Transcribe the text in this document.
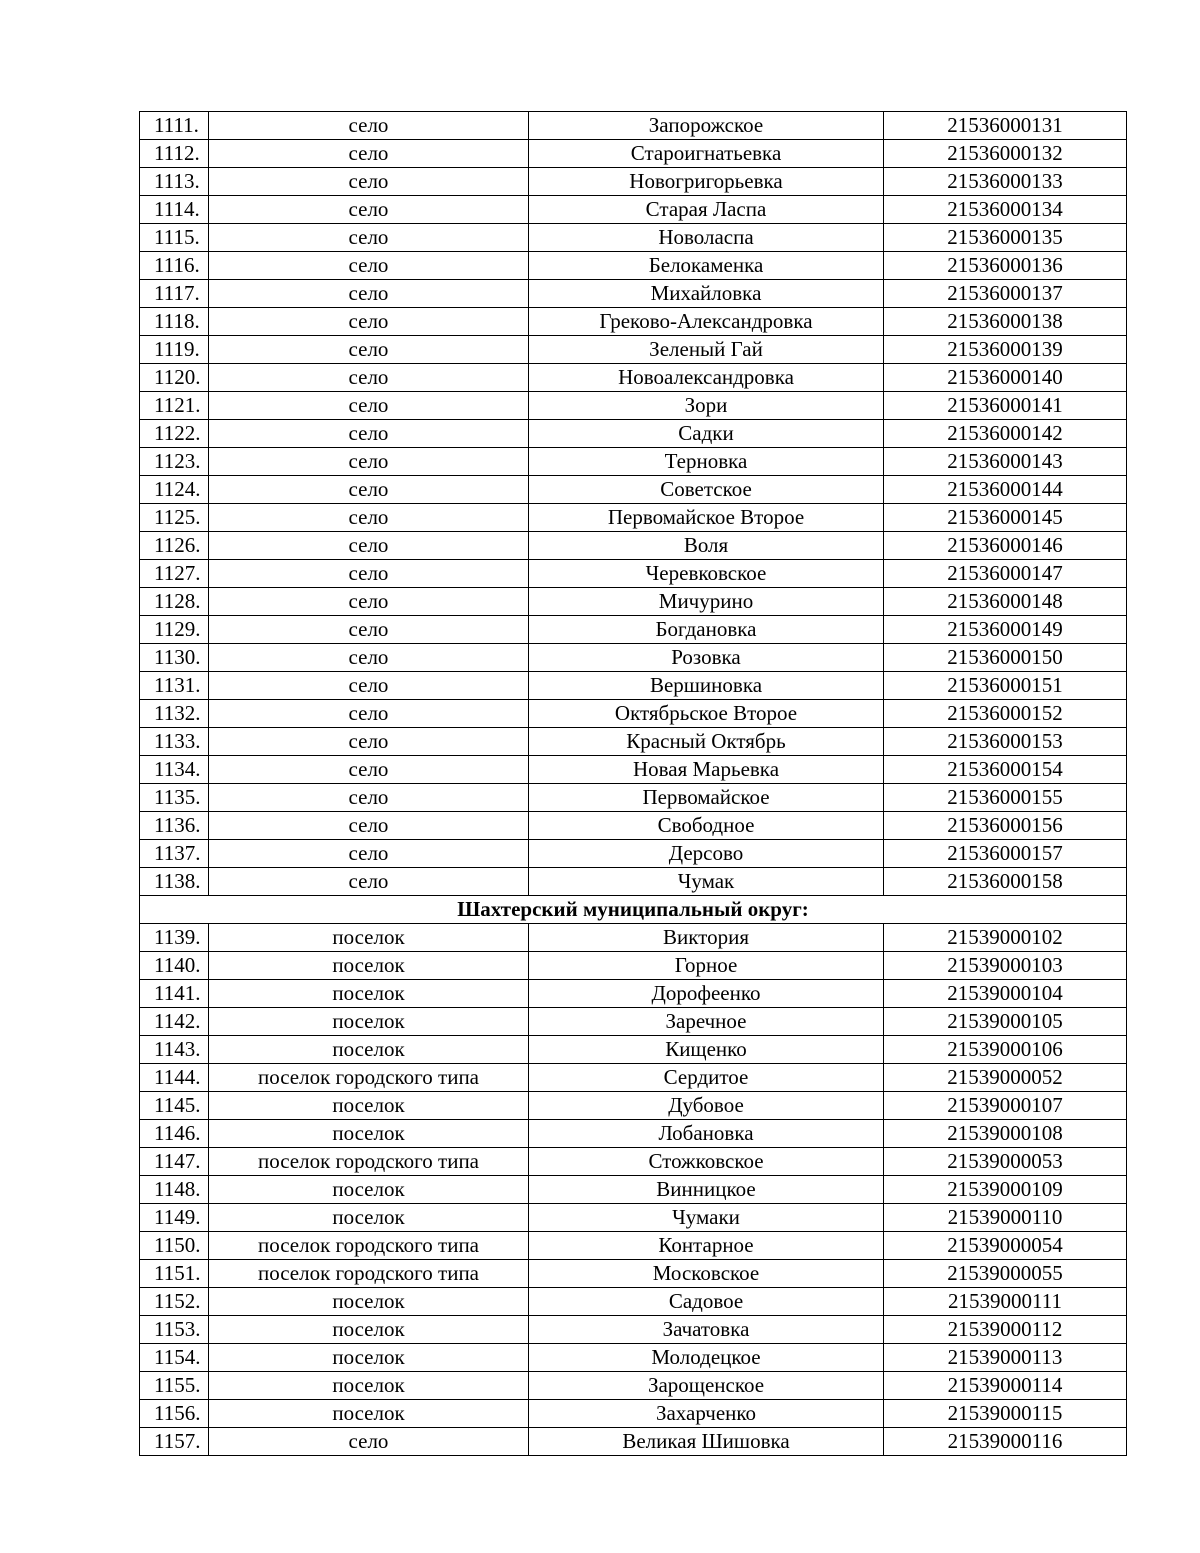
1111.	село	Запорожское	21536000131
1112.	село	Староигнатьевка	21536000132
1113.	село	Новогригорьевка	21536000133
1114.	село	Старая Ласпа	21536000134
1115.	село	Новоласпа	21536000135
1116.	село	Белокаменка	21536000136
1117.	село	Михайловка	21536000137
1118.	село	Греково-Александровка	21536000138
1119.	село	Зеленый Гай	21536000139
1120.	село	Новоалександровка	21536000140
1121.	село	Зори	21536000141
1122.	село	Садки	21536000142
1123.	село	Терновка	21536000143
1124.	село	Советское	21536000144
1125.	село	Первомайское Второе	21536000145
1126.	село	Воля	21536000146
1127.	село	Черевковское	21536000147
1128.	село	Мичурино	21536000148
1129.	село	Богдановка	21536000149
1130.	село	Розовка	21536000150
1131.	село	Вершиновка	21536000151
1132.	село	Октябрьское Второе	21536000152
1133.	село	Красный Октябрь	21536000153
1134.	село	Новая Марьевка	21536000154
1135.	село	Первомайское	21536000155
1136.	село	Свободное	21536000156
1137.	село	Дерсово	21536000157
1138.	село	Чумак	21536000158
Шахтерский муниципальный округ:			
1139.	поселок	Виктория	21539000102
1140.	поселок	Горное	21539000103
1141.	поселок	Дорофеенко	21539000104
1142.	поселок	Заречное	21539000105
1143.	поселок	Кищенко	21539000106
1144.	поселок городского типа	Сердитое	21539000052
1145.	поселок	Дубовое	21539000107
1146.	поселок	Лобановка	21539000108
1147.	поселок городского типа	Стожковское	21539000053
1148.	поселок	Винницкое	21539000109
1149.	поселок	Чумаки	21539000110
1150.	поселок городского типа	Контарное	21539000054
1151.	поселок городского типа	Московское	21539000055
1152.	поселок	Садовое	21539000111
1153.	поселок	Зачатовка	21539000112
1154.	поселок	Молодецкое	21539000113
1155.	поселок	Зарощенское	21539000114
1156.	поселок	Захарченко	21539000115
1157.	село	Великая Шишовка	21539000116
